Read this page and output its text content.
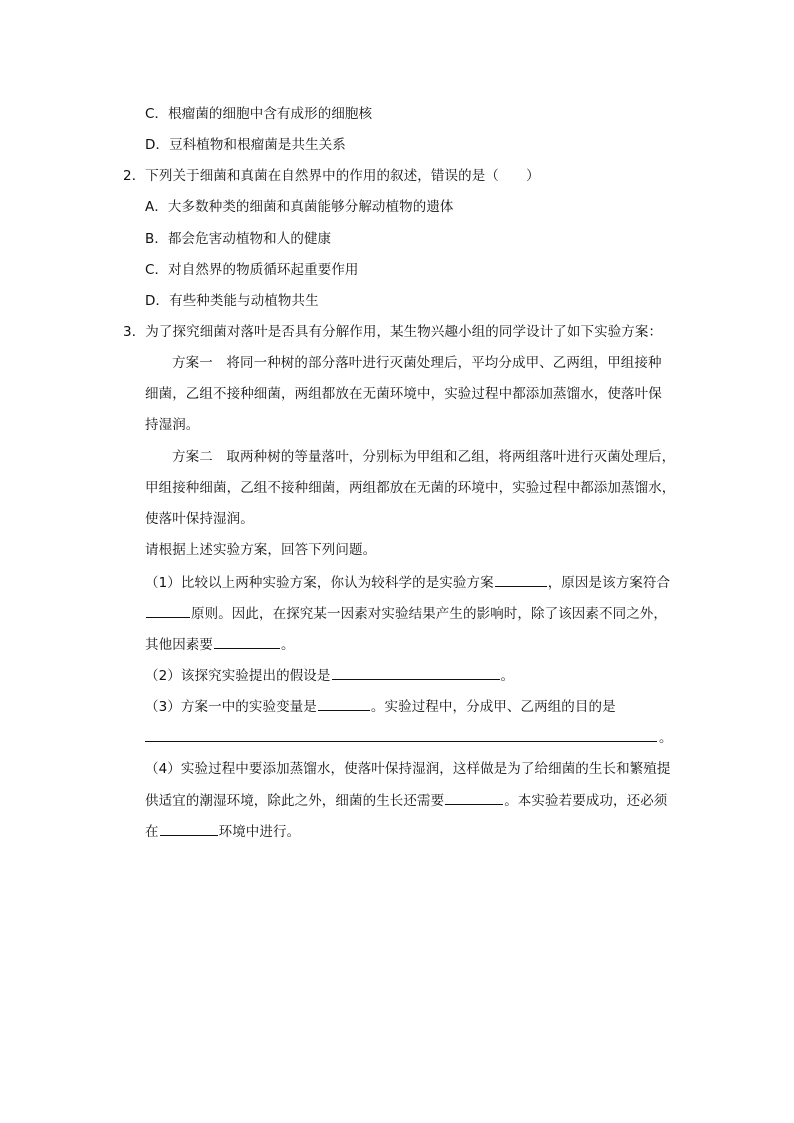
C．根瘤菌的细胞中含有成形的细胞核
D．豆科植物和根瘤菌是共生关系
2．下列关于细菌和真菌在自然界中的作用的叙述，错误的是（　　）
A．大多数种类的细菌和真菌能够分解动植物的遗体
B．都会危害动植物和人的健康
C．对自然界的物质循环起重要作用
D．有些种类能与动植物共生
3．为了探究细菌对落叶是否具有分解作用，某生物兴趣小组的同学设计了如下实验方案：
方案一　将同一种树的部分落叶进行灭菌处理后，平均分成甲、乙两组，甲组接种
细菌，乙组不接种细菌，两组都放在无菌环境中，实验过程中都添加蒸馏水，使落叶保
持湿润。
方案二　取两种树的等量落叶，分别标为甲组和乙组，将两组落叶进行灭菌处理后，
甲组接种细菌，乙组不接种细菌，两组都放在无菌的环境中，实验过程中都添加蒸馏水，
使落叶保持湿润。
请根据上述实验方案，回答下列问题。
（1）比较以上两种实验方案，你认为较科学的是实验方案	，原因是该方案符合
原则。因此，在探究某一因素对实验结果产生的影响时，除了该因素不同之外，
其他因素要	。
（2）该探究实验提出的假设是	。
（3）方案一中的实验变量是	。实验过程中，分成甲、乙两组的目的是
。
（4）实验过程中要添加蒸馏水，使落叶保持湿润，这样做是为了给细菌的生长和繁殖提
供适宜的潮湿环境，除此之外，细菌的生长还需要	。本实验若要成功，还必须
在	环境中进行。
